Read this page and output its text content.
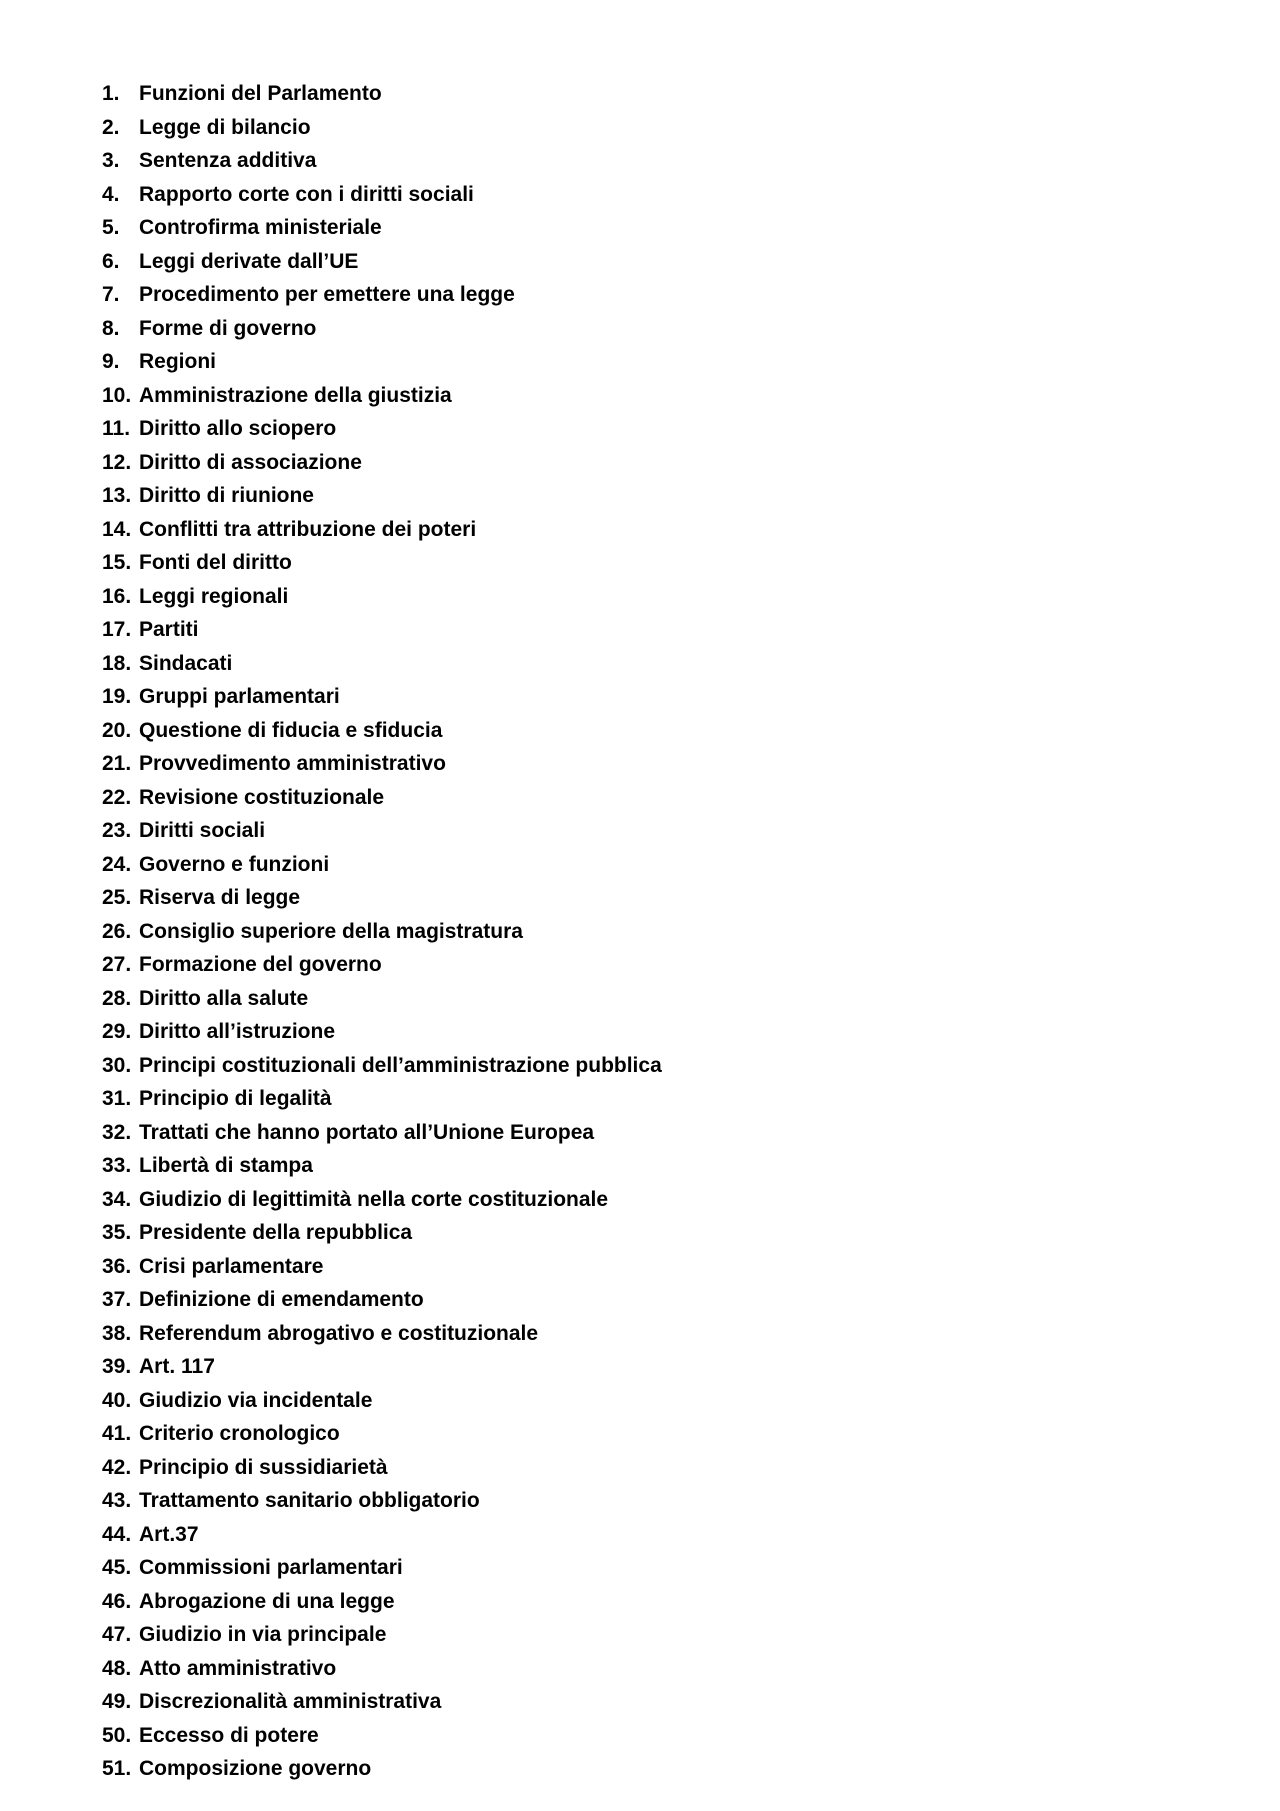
1. Funzioni del Parlamento
2. Legge di bilancio
3. Sentenza additiva
4. Rapporto corte con i diritti sociali
5. Controfirma ministeriale
6. Leggi derivate dall’UE
7. Procedimento per emettere una legge
8. Forme di governo
9. Regioni
10. Amministrazione della giustizia
11. Diritto allo sciopero
12. Diritto di associazione
13. Diritto di riunione
14. Conflitti tra attribuzione dei poteri
15. Fonti del diritto
16. Leggi regionali
17. Partiti
18. Sindacati
19. Gruppi parlamentari
20. Questione di fiducia e sfiducia
21. Provvedimento amministrativo
22. Revisione costituzionale
23. Diritti sociali
24. Governo e funzioni
25. Riserva di legge
26. Consiglio superiore della magistratura
27. Formazione del governo
28. Diritto alla salute
29. Diritto all’istruzione
30. Principi costituzionali dell’amministrazione pubblica
31. Principio di legalità
32. Trattati che hanno portato all’Unione Europea
33. Libertà di stampa
34. Giudizio di legittimità nella corte costituzionale
35. Presidente della repubblica
36. Crisi parlamentare
37. Definizione di emendamento
38. Referendum abrogativo e costituzionale
39. Art. 117
40. Giudizio via incidentale
41. Criterio cronologico
42. Principio di sussidiarietà
43. Trattamento sanitario obbligatorio
44. Art.37
45. Commissioni parlamentari
46. Abrogazione di una legge
47. Giudizio in via principale
48. Atto amministrativo
49. Discrezionalità amministrativa
50. Eccesso di potere
51. Composizione governo
